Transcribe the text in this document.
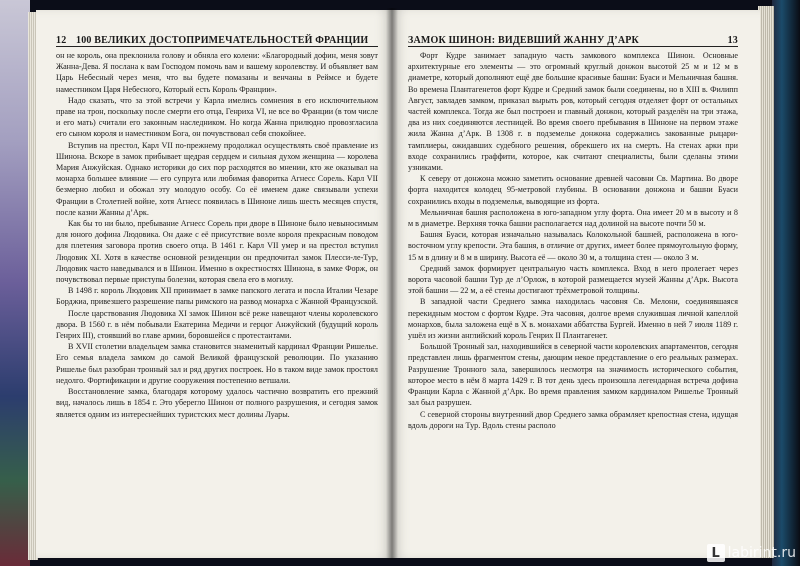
12 100 ВЕЛИКИХ ДОСТОПРИМЕЧАТЕЛЬНОСТЕЙ ФРАНЦИИ

он не король, она преклонила голову и обняла его колени: «Благородный дофин, меня зовут Жанна-Дева. Я послана к вам Господом помочь вам и вашему королевству. И объявляет вам Царь Небесный через меня, что вы будете помазаны и венчаны в Реймсе и будете наместником Царя Небесного, Который есть Король Франции».

Надо сказать, что за этой встречи у Карла имелись сомнения в его исключительном праве на трон, поскольку после смерти его отца, Генриха VI, не все во Франции (в том числе и его мать) считали его законным наследником. Но когда Жанна прилюдно провозгласила его сыном короля и наместником Бога, он почувствовал себя спокойнее.

Вступив на престол, Карл VII по-прежнему продолжал осуществлять своё правление из Шинона. Вскоре в замок прибывает щедрая сердцем и сильная духом женщина — королева Мария Анжуйская. Однако историки до сих пор расходятся во мнении, кто же оказывал на монарха большее влияние — его супруга или любимая фаворитка Агнесс Сорель. Карл VII безмерно любил и обожал эту молодую особу. Со её именем даже связывали успехи Франции в Столетней войне, хотя Агнесс появилась в Шиноне лишь шесть месяцев спустя, после казни Жанны д’Арк.

Как бы то ни было, пребывание Агнесс Сорель при дворе в Шиноне было невыносимым для юного дофина Людовика. Он даже с её присутствие возле короля прекрасным поводом для плетения заговора против своего отца. В 1461 г. Карл VII умер и на престол вступил Людовик XI. Хотя в качестве основной резиденции он предпочитал замок Плесси-ле-Тур, Людовик часто наведывался и в Шинон. Именно в окрестностях Шинона, в замке Форж, он почувствовал первые приступы болезни, которая свела его в могилу.

В 1498 г. король Людовик XII принимает в замке папского легата и посла Италии Чезаре Борджиа, привезшего разрешение папы римского на развод монарха с Жанной Французской.

После царствования Людовика XI замок Шинон всё реже навещают члены королевского двора. В 1560 г. в нём побывали Екатерина Медичи и герцог Анжуйский (будущий король Генрих III), стоявший во главе армии, боровшейся с протестантами.

В XVII столетии владельцем замка становится знаменитый кардинал Франции Ришелье. Его семья владела замком до самой Великой французской революции. По указанию Ришелье был разобран тронный зал и ряд других построек. Но в таком виде замок простоял недолго. Фортификации и другие сооружения постепенно ветшали.

Восстановление замка, благодаря которому удалось частично возвратить его прежний вид, началось лишь в 1854 г. Это уберегло Шинон от полного разрушения, и сегодня замок является одним из интереснейших туристских мест долины Луары.

ЗАМОК ШИНОН: ВИДЕВШИЙ ЖАННУ Д’АРК	13

Форт Кудре занимает западную часть замкового комплекса Шинон. Основные архитектурные его элементы — это огромный круглый донжон высотой 25 м и 12 м в диаметре, который дополняют ещё две большие красивые башни: Буаси и Мельничная башня. Во времена Плантагенетов форт Кудре и Средний замок были соединены, но в XIII в. Филипп Август, завладев замком, приказал вырыть ров, который сегодня отделяет форт от остальных частей комплекса. Тогда же был построен и главный донжон, который разделён на три этажа, два из них соединяются лестницей. Во время своего пребывания в Шиноне на первом этаже жила Жанна д’Арк. В 1308 г. в подземелье донжона содержались закованные рыцари-тамплиеры, ожидавших судебного решения, обрекшего их на смерть. На стенах арки при входе сохранились граффити, которое, как считают специалисты, были сделаны этими узниками.

К северу от донжона можно заметить основание древней часовни Св. Мартина. Во дворе форта находится колодец 95-метровой глубины. В основании донжона и башни Буаси сохранились входы в подземелья, выводящие из форта.

Мельничная башня расположена в юго-западном углу форта. Она имеет 20 м в высоту и 8 м в диаметре. Верхняя точка башни располагается над долиной на высоте почти 50 м.

Башня Буаси, которая изначально называлась Колокольной башней, расположена в юго-восточном углу крепости. Эта башня, в отличие от других, имеет более прямоугольную форму, 15 м в длину и 8 м в ширину. Высота её — около 30 м, а толщина стен — около 3 м.

Средний замок формирует центральную часть комплекса. Вход в него пролегает через ворота часовой башни Тур де л’Орлож, в которой размещается музей Жанны д’Арк. Высота этой башни — 22 м, а её стены достигают трёхметровой толщины.

В западной части Среднего замка находилась часовня Св. Мелони, соединявшаяся перекидным мостом с фортом Кудре. Эта часовня, долгое время служившая личной капеллой монархов, была заложена ещё в X в. монахами аббатства Бургей. Именно в ней 7 июля 1189 г. ушёл из жизни английский король Генрих II Плантагенет.

Большой Тронный зал, находившийся в северной части королевских апартаментов, сегодня представлен лишь фрагментом стены, дающим некое представление о его реальных размерах. Разрушение Тронного зала, завершилось несмотря на значимость исторического события, которое место в нём 8 марта 1429 г. В тот день здесь произошла легендарная встреча дофина Франции Карла с Жанной д’Арк. Во время правления замком кардиналом Ришелье Тронный зал был разрушен.

С северной стороны внутренний двор Среднего замка обрамляет крепостная стена, идущая вдоль дороги на Тур. Вдоль стены располо

L labirint.ru
